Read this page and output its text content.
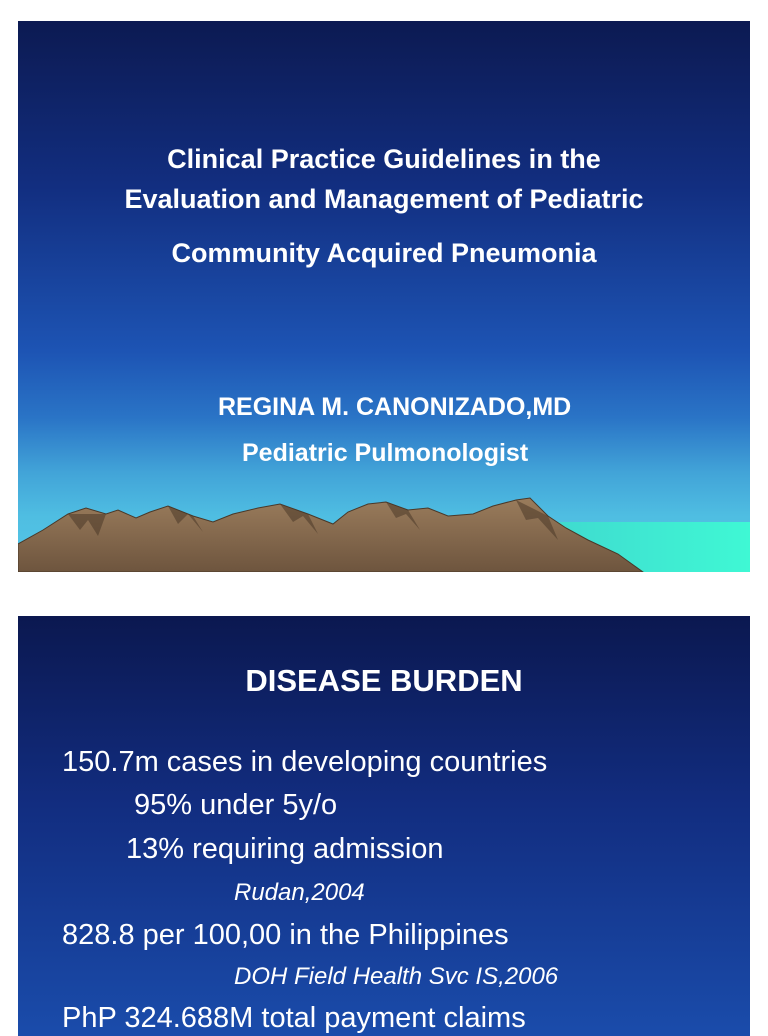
Clinical Practice Guidelines in the
Evaluation and Management of Pediatric
Community Acquired Pneumonia
REGINA M. CANONIZADO,MD
Pediatric Pulmonologist
DISEASE BURDEN
150.7m cases in developing countries
95% under 5y/o
13% requiring admission
Rudan,2004
828.8 per 100,00 in the Philippines
DOH Field Health Svc IS,2006
PhP 324.688M total payment claims
